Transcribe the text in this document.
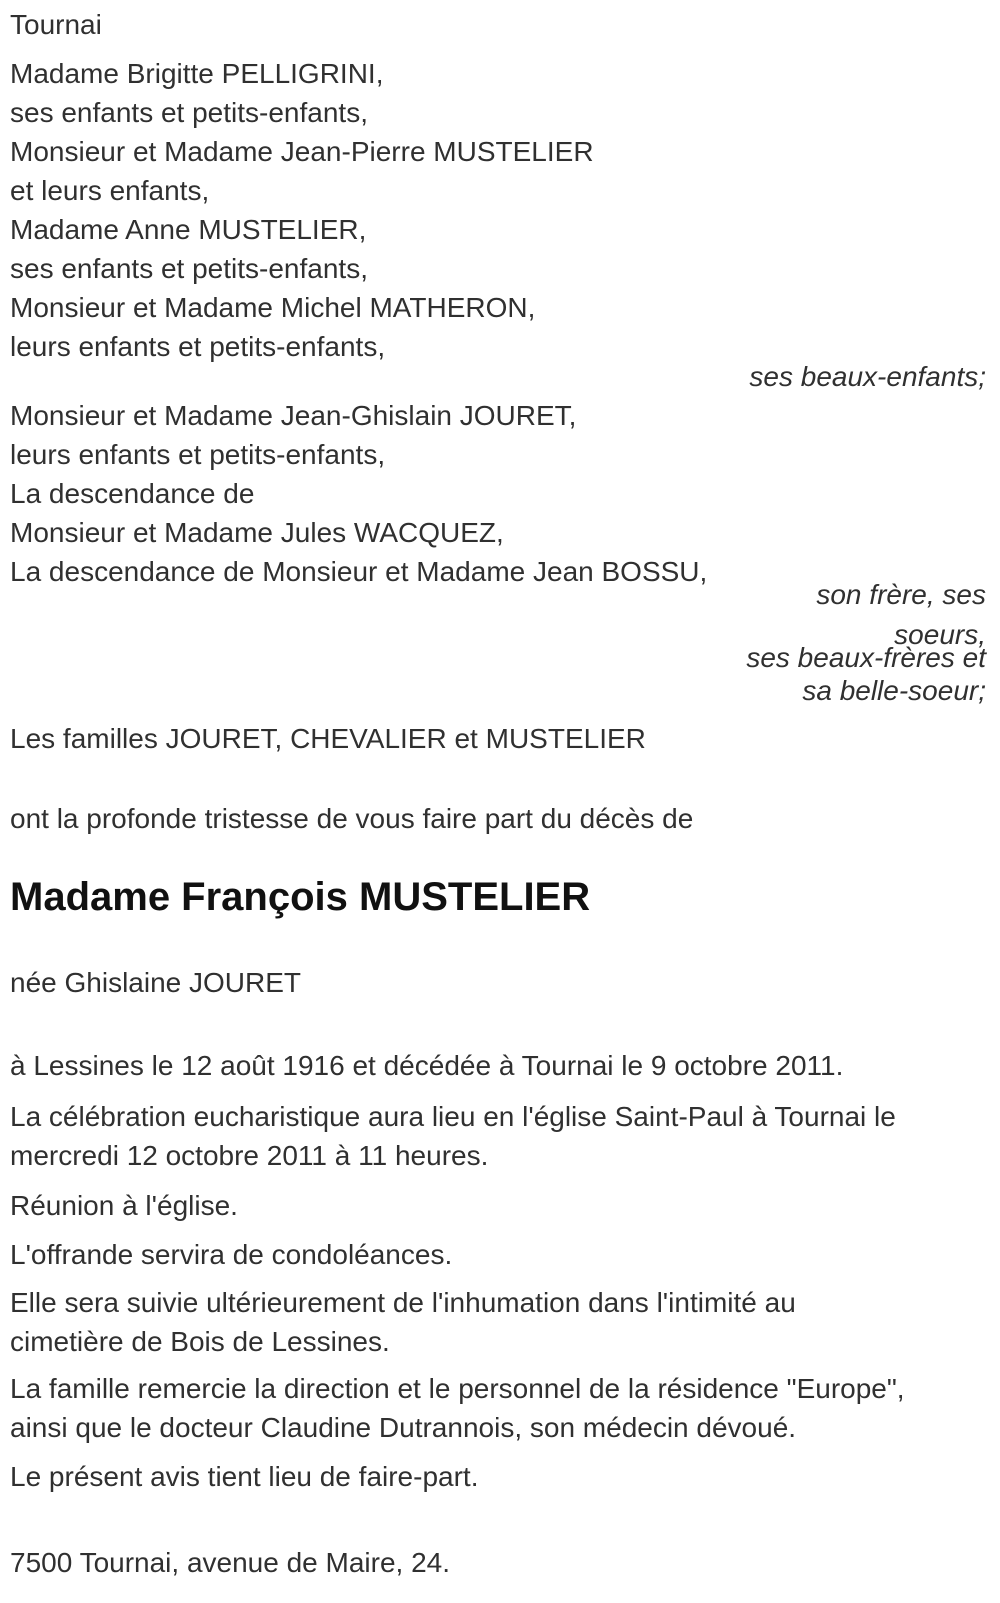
Tournai
Madame Brigitte PELLIGRINI,
ses enfants et petits-enfants,
Monsieur et Madame Jean-Pierre MUSTELIER
et leurs enfants,
Madame Anne MUSTELIER,
ses enfants et petits-enfants,
Monsieur et Madame Michel MATHERON,
leurs enfants et petits-enfants,
ses beaux-enfants;
Monsieur et Madame Jean-Ghislain JOURET,
leurs enfants et petits-enfants,
La descendance de
Monsieur et Madame Jules WACQUEZ,
La descendance de Monsieur et Madame Jean BOSSU,
son frère, ses
soeurs,
ses beaux-frères et
sa belle-soeur;
Les familles JOURET, CHEVALIER et MUSTELIER
ont la profonde tristesse de vous faire part du décès de
Madame François MUSTELIER
née Ghislaine JOURET
à Lessines le 12 août 1916 et décédée à Tournai le 9 octobre 2011.
La célébration eucharistique aura lieu en l'église Saint-Paul à Tournai le
mercredi 12 octobre 2011 à 11 heures.
Réunion à l'église.
L'offrande servira de condoléances.
Elle sera suivie ultérieurement de l'inhumation dans l'intimité au
cimetière de Bois de Lessines.
La famille remercie la direction et le personnel de la résidence "Europe",
ainsi que le docteur Claudine Dutrannois, son médecin dévoué.
Le présent avis tient lieu de faire-part.
7500 Tournai, avenue de Maire, 24.
